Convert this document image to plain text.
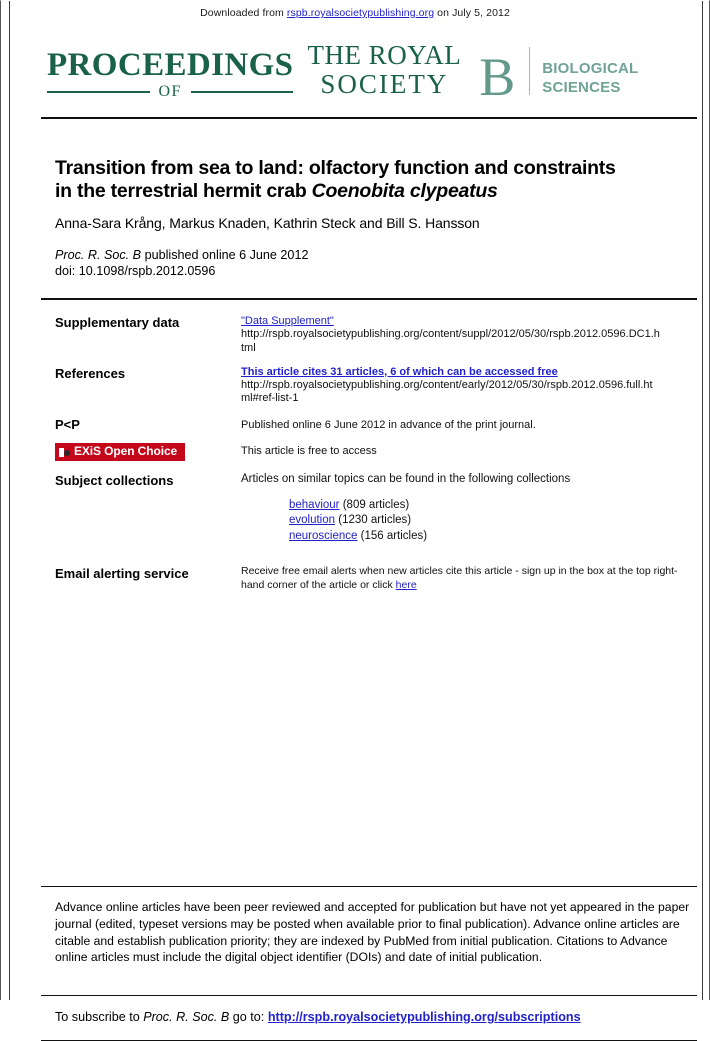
Downloaded from rspb.royalsocietypublishing.org on July 5, 2012
PROCEEDINGS
OF
THE ROYAL
SOCIETY B	BIOLOGICAL
SCIENCES
Transition from sea to land: olfactory function and constraints
in the terrestrial hermit crab Coenobita clypeatus
Anna-Sara Krång, Markus Knaden, Kathrin Steck and Bill S. Hansson
Proc. R. Soc. B published online 6 June 2012
doi: 10.1098/rspb.2012.0596
Supplementary data	"Data Supplement"
http://rspb.royalsocietypublishing.org/content/suppl/2012/05/30/rspb.2012.0596.DC1.h
tml
References	This article cites 31 articles, 6 of which can be accessed free
http://rspb.royalsocietypublishing.org/content/early/2012/05/30/rspb.2012.0596.full.ht
ml#ref-list-1
P<P	Published online 6 June 2012 in advance of the print journal.
EXiS Open Choice	This article is free to access
Subject collections	Articles on similar topics can be found in the following collections
behaviour (809 articles)
evolution (1230 articles)
neuroscience (156 articles)
Email alerting service	Receive free email alerts when new articles cite this article - sign up in the box at the top right-hand corner of the article or click here
Advance online articles have been peer reviewed and accepted for publication but have not yet appeared in the paper journal (edited, typeset versions may be posted when available prior to final publication). Advance online articles are citable and establish publication priority; they are indexed by PubMed from initial publication. Citations to Advance online articles must include the digital object identifier (DOIs) and date of initial publication.
To subscribe to Proc. R. Soc. B go to: http://rspb.royalsocietypublishing.org/subscriptions
